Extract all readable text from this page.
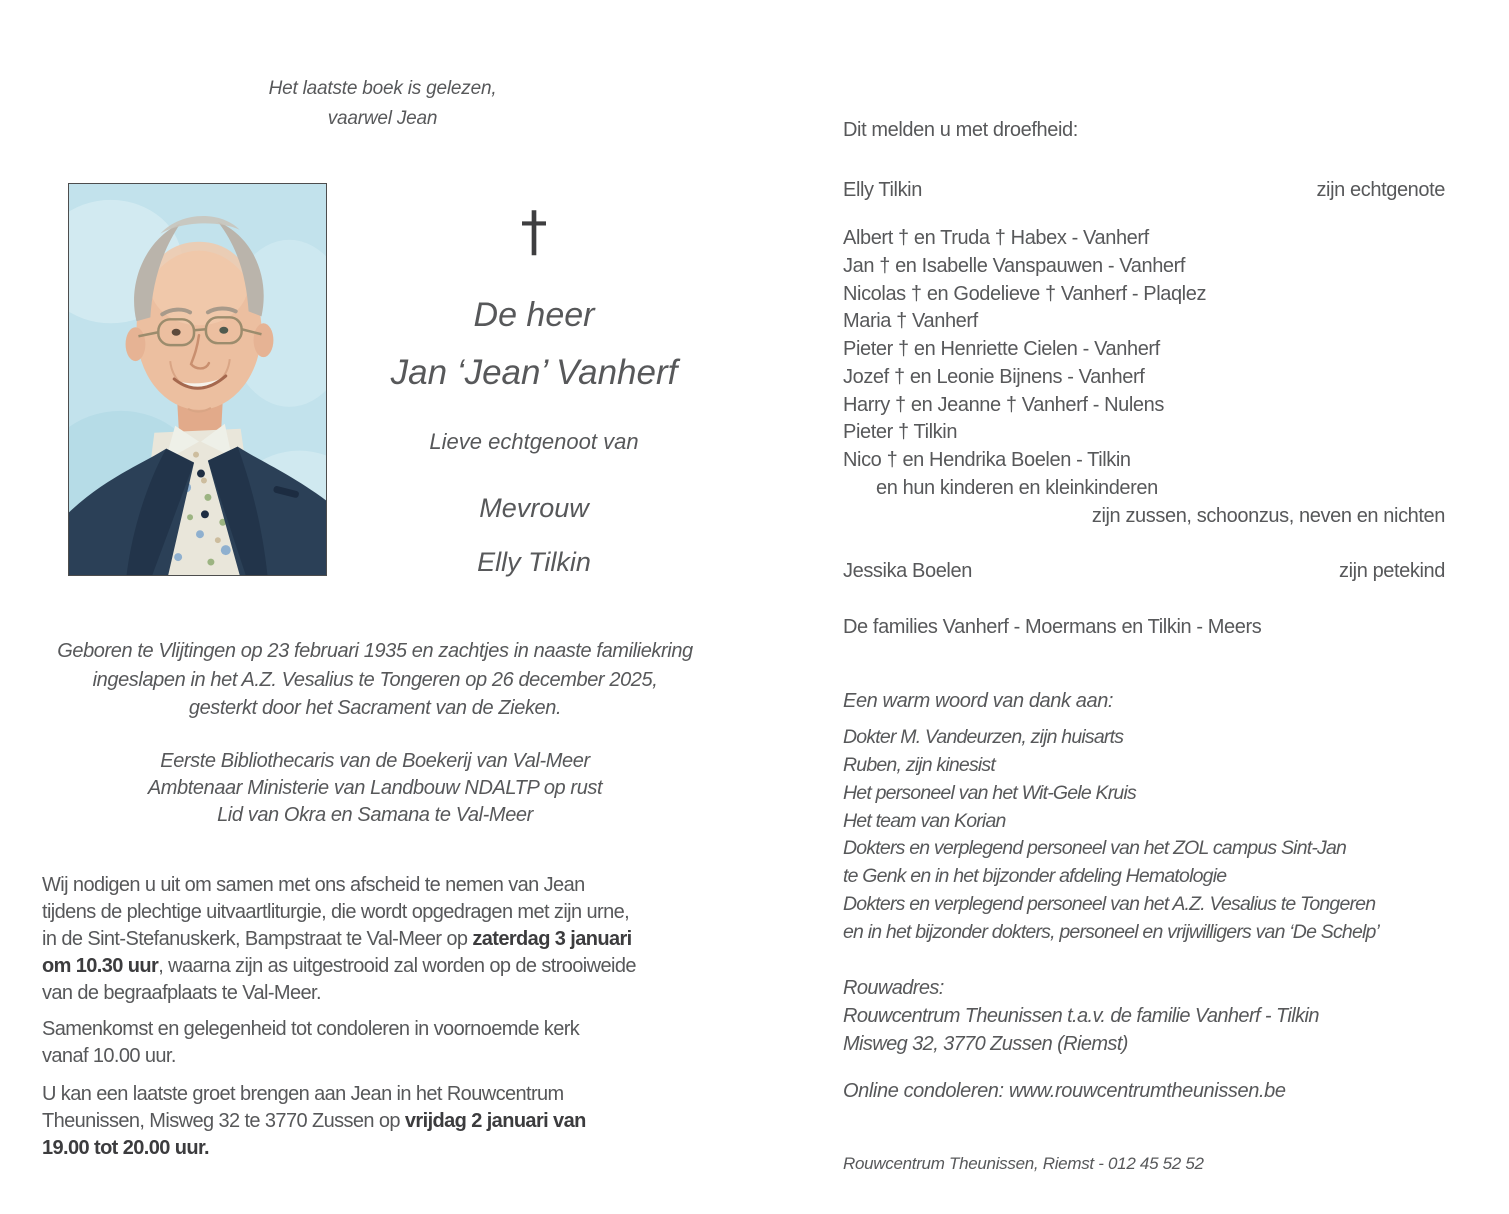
Het laatste boek is gelezen,
vaarwel Jean
†
De heer
Jan ‘Jean’ Vanherf
Lieve echtgenoot van
Mevrouw
Elly Tilkin
Geboren te Vlijtingen op 23 februari 1935 en zachtjes in naaste familiekring
ingeslapen in het A.Z. Vesalius te Tongeren op 26 december 2025,
gesterkt door het Sacrament van de Zieken.
Eerste Bibliothecaris van de Boekerij van Val-Meer
Ambtenaar Ministerie van Landbouw NDALTP op rust
Lid van Okra en Samana te Val-Meer
Wij nodigen u uit om samen met ons afscheid te nemen van Jean
tijdens de plechtige uitvaartliturgie, die wordt opgedragen met zijn urne,
in de Sint-Stefanuskerk, Bampstraat te Val-Meer op zaterdag 3 januari
om 10.30 uur, waarna zijn as uitgestrooid zal worden op de strooiweide
van de begraafplaats te Val-Meer.
Samenkomst en gelegenheid tot condoleren in voornoemde kerk
vanaf 10.00 uur.
U kan een laatste groet brengen aan Jean in het Rouwcentrum
Theunissen, Misweg 32 te 3770 Zussen op vrijdag 2 januari van
19.00 tot 20.00 uur.
Dit melden u met droefheid:
Elly Tilkin	zijn echtgenote
Albert † en Truda † Habex - Vanherf
Jan † en Isabelle Vanspauwen - Vanherf
Nicolas † en Godelieve † Vanherf - Plaqlez
Maria † Vanherf
Pieter † en Henriette Cielen - Vanherf
Jozef † en Leonie Bijnens - Vanherf
Harry † en Jeanne † Vanherf - Nulens
Pieter † Tilkin
Nico † en Hendrika Boelen - Tilkin
en hun kinderen en kleinkinderen
zijn zussen, schoonzus, neven en nichten
Jessika Boelen	zijn petekind
De families Vanherf - Moermans en Tilkin - Meers
Een warm woord van dank aan:
Dokter M. Vandeurzen, zijn huisarts
Ruben, zijn kinesist
Het personeel van het Wit-Gele Kruis
Het team van Korian
Dokters en verplegend personeel van het ZOL campus Sint-Jan
te Genk en in het bijzonder afdeling Hematologie
Dokters en verplegend personeel van het A.Z. Vesalius te Tongeren
en in het bijzonder dokters, personeel en vrijwilligers van ‘De Schelp’
Rouwadres:
Rouwcentrum Theunissen t.a.v. de familie Vanherf - Tilkin
Misweg 32, 3770 Zussen (Riemst)
Online condoleren: www.rouwcentrumtheunissen.be
Rouwcentrum Theunissen, Riemst - 012 45 52 52
